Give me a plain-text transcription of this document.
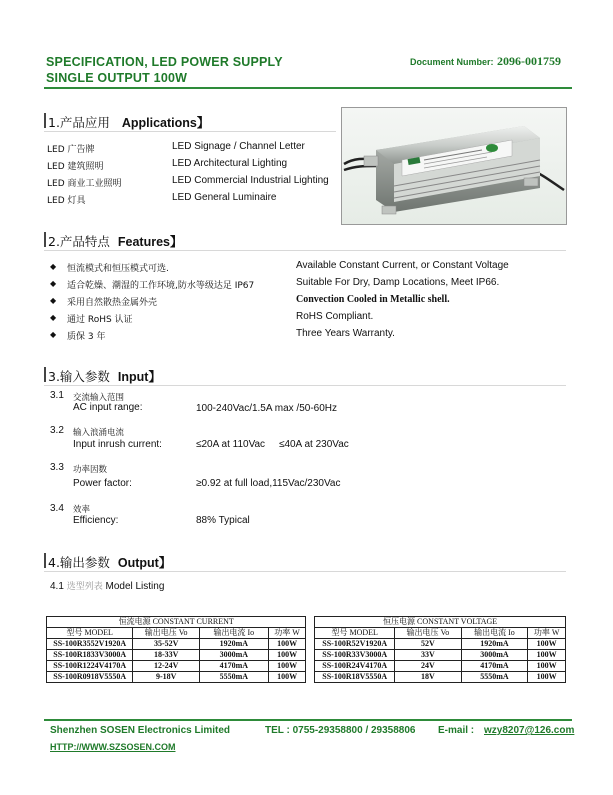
SPECIFICATION, LED POWER SUPPLY
SINGLE OUTPUT 100W
Document Number: 2096-001759
1.产品应用 Applications】
LED 广告牌	LED Signage / Channel Letter
LED 建筑照明	LED Architectural Lighting
LED 商业工业照明	LED Commercial Industrial Lighting
LED 灯具	LED General Luminaire
2.产品特点 Features】
◆ 恒流模式和恒压模式可选.	Available Constant Current, or Constant Voltage
◆ 适合乾燥、潮湿的工作环境,防水等级达足 IP67	Suitable For Dry, Damp Locations, Meet IP66.
◆ 采用自然散热金属外壳	Convection Cooled in Metallic shell.
◆ 通过 RoHS 认证	RoHS Compliant.
◆ 质保 3 年	Three Years Warranty.
3.输入参数 Input】
3.1 交流输入范围
AC input range:	100-240Vac/1.5A max /50-60Hz
3.2 输入浪涌电流
Input inrush current:	≤20A at 110Vac     ≤40A at 230Vac
3.3 功率因数
Power factor:	≥0.92 at full load,115Vac/230Vac
3.4 效率
Efficiency:	88% Typical
4.输出参数 Output】
4.1 选型列表 Model Listing
恒流电源 CONSTANT CURRENT					恒压电源 CONSTANT VOLTAGE			
型号 MODEL	输出电压 Vo	输出电流 Io	功率 W		型号 MODEL	输出电压 Vo	输出电流 Io	功率 W
SS-100R3552V1920A	35-52V	1920mA	100W		SS-100R52V1920A	52V	1920mA	100W
SS-100R1833V3000A	18-33V	3000mA	100W		SS-100R33V3000A	33V	3000mA	100W
SS-100R1224V4170A	12-24V	4170mA	100W		SS-100R24V4170A	24V	4170mA	100W
SS-100R0918V5550A	9-18V	5550mA	100W		SS-100R18V5550A	18V	5550mA	100W
Shenzhen SOSEN Electronics Limited	TEL : 0755-29358800 / 29358806 E-mail : wzy8207@126.com
HTTP://WWW.SZSOSEN.COM
